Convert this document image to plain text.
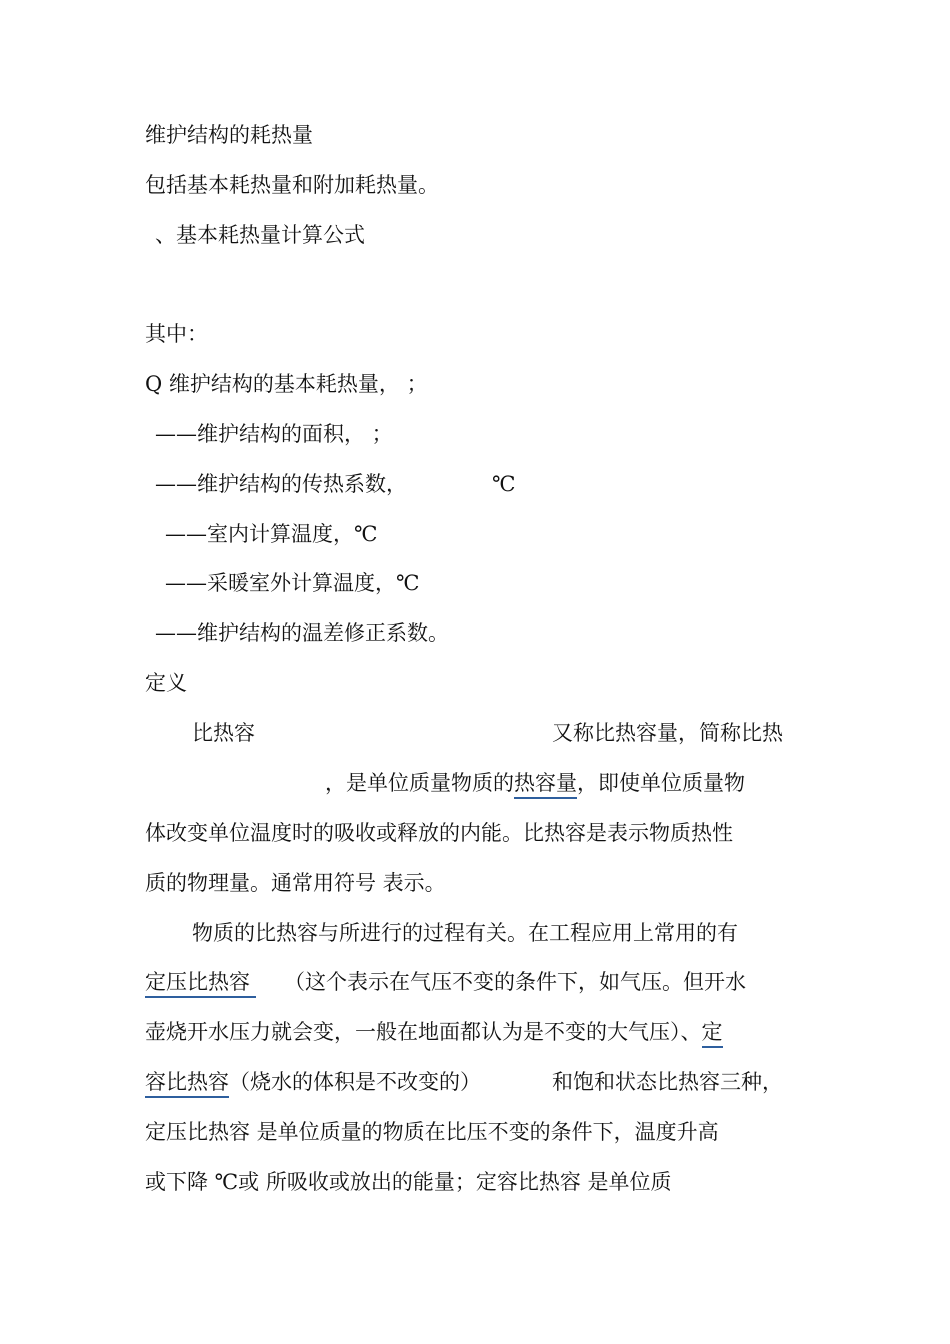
维护结构的耗热量
包括基本耗热量和附加耗热量。
、基本耗热量计算公式
其中：
Q 维护结构的基本耗热量， ；
——维护结构的面积， ；
——维护结构的传热系数，	℃
——室内计算温度，℃
——采暖室外计算温度，℃
——维护结构的温差修正系数。
定义
比热容	又称比热容量，简称比热
，是单位质量物质的热容量，即使单位质量物
体改变单位温度时的吸收或释放的内能。比热容是表示物质热性
质的物理量。通常用符号 表示。
物质的比热容与所进行的过程有关。在工程应用上常用的有
定压比热容 （这个表示在气压不变的条件下，如气压。但开水
壶烧开水压力就会变，一般在地面都认为是不变的大气压）、定
容比热容（烧水的体积是不改变的）	和饱和状态比热容三种，
定压比热容 是单位质量的物质在比压不变的条件下，温度升高
或下降 ℃或 所吸收或放出的能量；定容比热容 是单位质
